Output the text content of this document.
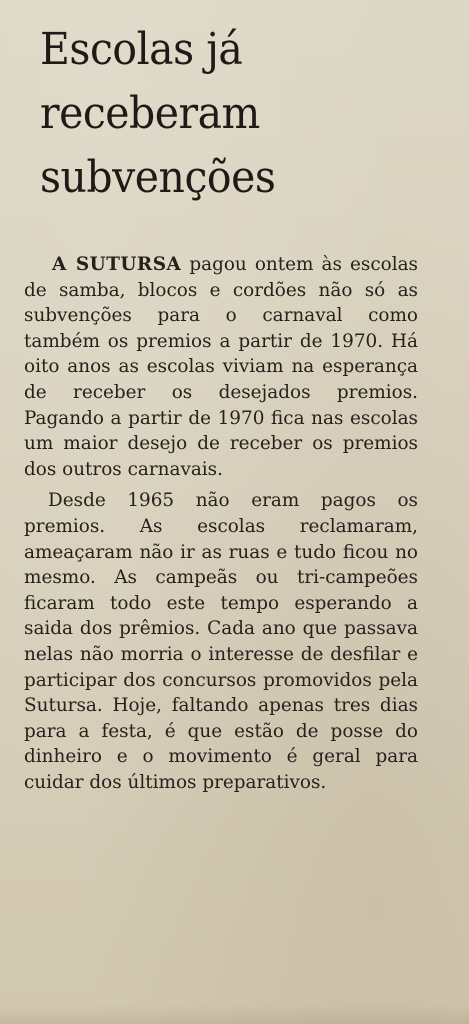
Escolas já receberam subvenções

A SUTURSA pagou ontem às escolas de samba, blocos e cordões não só as subvenções para o carnaval como também os premios a partir de 1970. Há oito anos as escolas viviam na esperança de receber os desejados premios. Pagando a partir de 1970 fica nas escolas um maior desejo de receber os premios dos outros carnavais.

Desde 1965 não eram pagos os premios. As escolas reclamaram, ameaçaram não ir as ruas e tudo ficou no mesmo. As campeãs ou tri-campeões ficaram todo este tempo esperando a saida dos prêmios. Cada ano que passava nelas não morria o interesse de desfilar e participar dos concursos promovidos pela Sutursa. Hoje, faltando apenas tres dias para a festa, é que estão de posse do dinheiro e o movimento é geral para cuidar dos últimos preparativos.
